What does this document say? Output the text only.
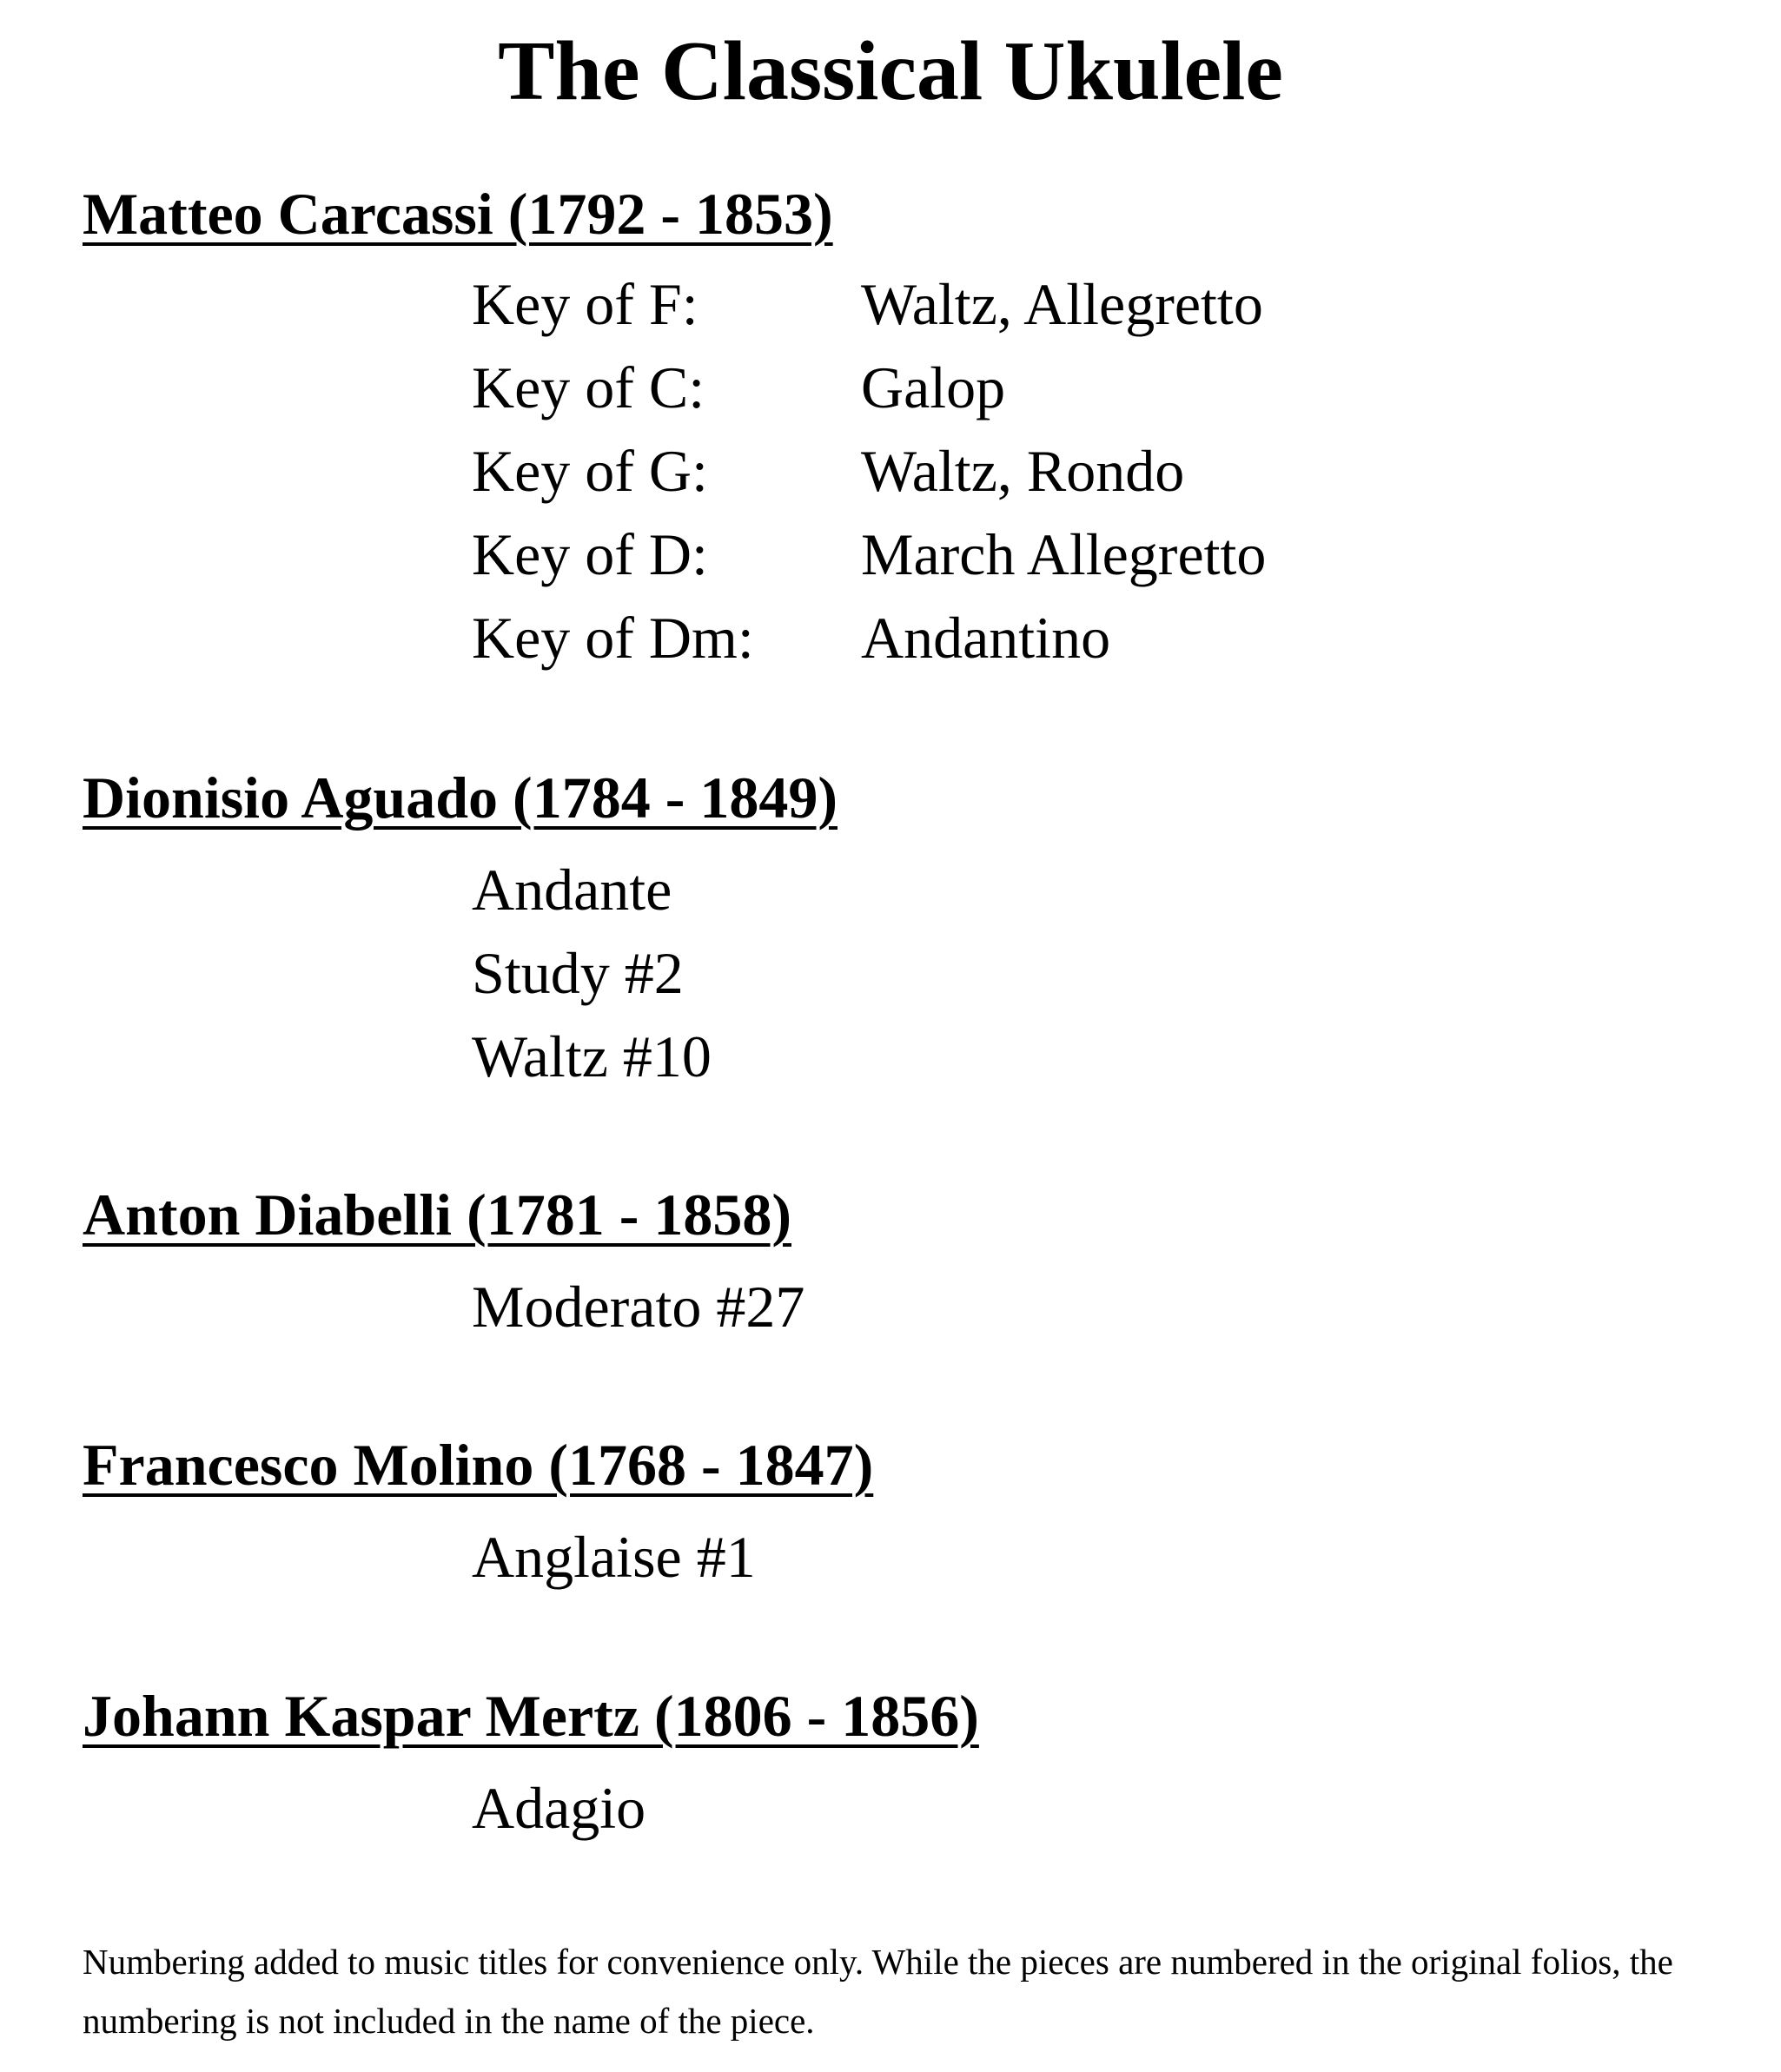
The Classical Ukulele
Matteo Carcassi (1792 - 1853)
Key of F:	Waltz, Allegretto
Key of C:	Galop
Key of G:	Waltz, Rondo
Key of D:	March Allegretto
Key of Dm: Andantino
Dionisio Aguado (1784 - 1849)
Andante
Study #2
Waltz #10
Anton Diabelli (1781 - 1858)
Moderato #27
Francesco Molino (1768 - 1847)
Anglaise #1
Johann Kaspar Mertz (1806 - 1856)
Adagio

Numbering added to music titles for convenience only. While the pieces are numbered in the original folios, the numbering is not included in the name of the piece.
